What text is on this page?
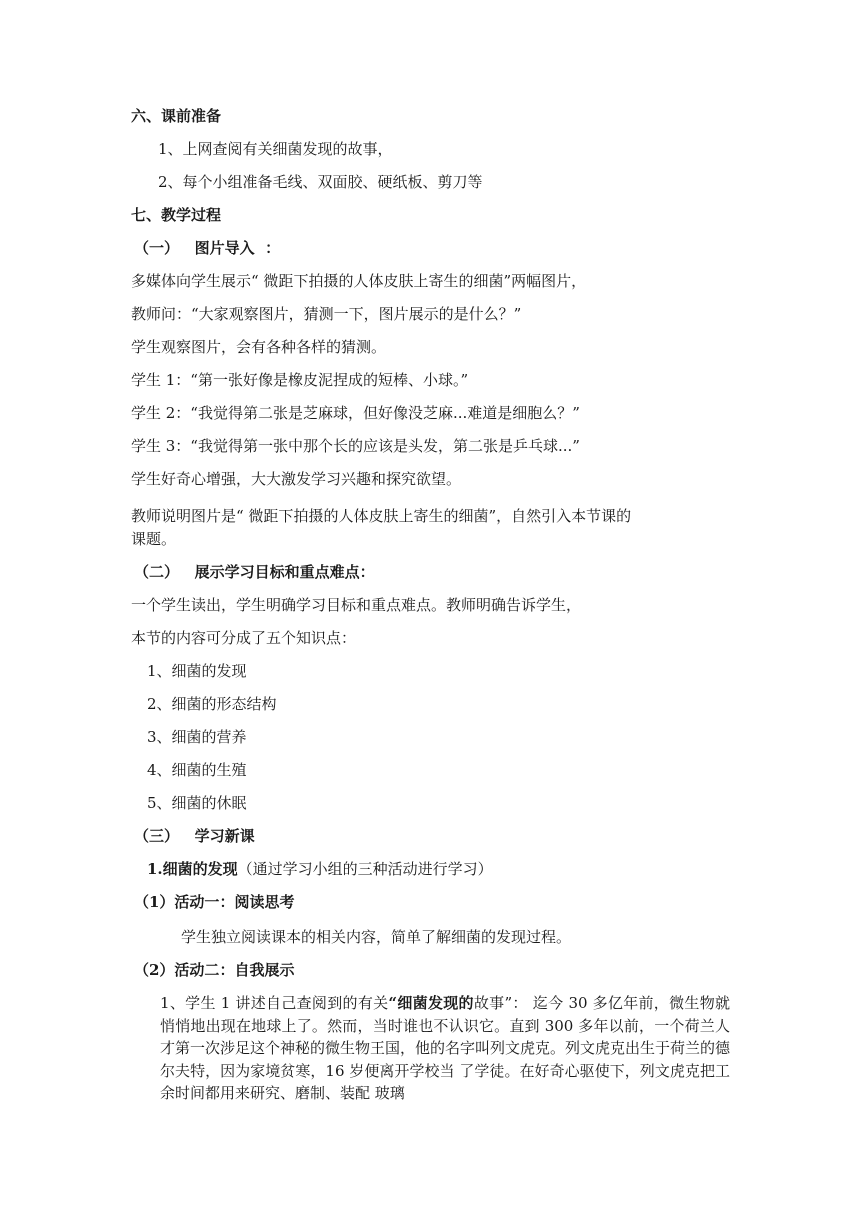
六、课前准备
1、上网查阅有关细菌发现的故事，
2、每个小组准备毛线、双面胶、硬纸板、剪刀等
七、教学过程
（一）   图片导入  ：
多媒体向学生展示“ 微距下拍摄的人体皮肤上寄生的细菌”两幅图片，
教师问：“大家观察图片，猜测一下，图片展示的是什么？”
学生观察图片，会有各种各样的猜测。
学生 1：“第一张好像是橡皮泥捏成的短棒、小球。”
学生 2：“我觉得第二张是芝麻球，但好像没芝麻...难道是细胞么？”
学生 3：“我觉得第一张中那个长的应该是头发，第二张是乒乓球...”
学生好奇心增强，大大激发学习兴趣和探究欲望。
教师说明图片是“ 微距下拍摄的人体皮肤上寄生的细菌”，自然引入本节课的
课题。
（二）   展示学习目标和重点难点：
一个学生读出，学生明确学习目标和重点难点。教师明确告诉学生，
本节的内容可分成了五个知识点：
1、细菌的发现
2、细菌的形态结构
3、细菌的营养
4、细菌的生殖
5、细菌的休眠
（三）   学习新课
1.细菌的发现（通过学习小组的三种活动进行学习）
（1）活动一：阅读思考
学生独立阅读课本的相关内容，简单了解细菌的发现过程。
（2）活动二：自我展示
1、学生 1 讲述自己查阅到的有关“细菌发现的故事”： 迄今 30 多亿年前，微生物就悄悄地出现在地球上了。然而，当时谁也不认识它。直到 300 多年以前，一个荷兰人才第一次涉足这个神秘的微生物王国，他的名字叫列文虎克。列文虎克出生于荷兰的德尔夫特，因为家境贫寒，16 岁便离开学校当 了学徒。在好奇心驱使下，列文虎克把工余时间都用来研究、磨制、装配 玻璃
